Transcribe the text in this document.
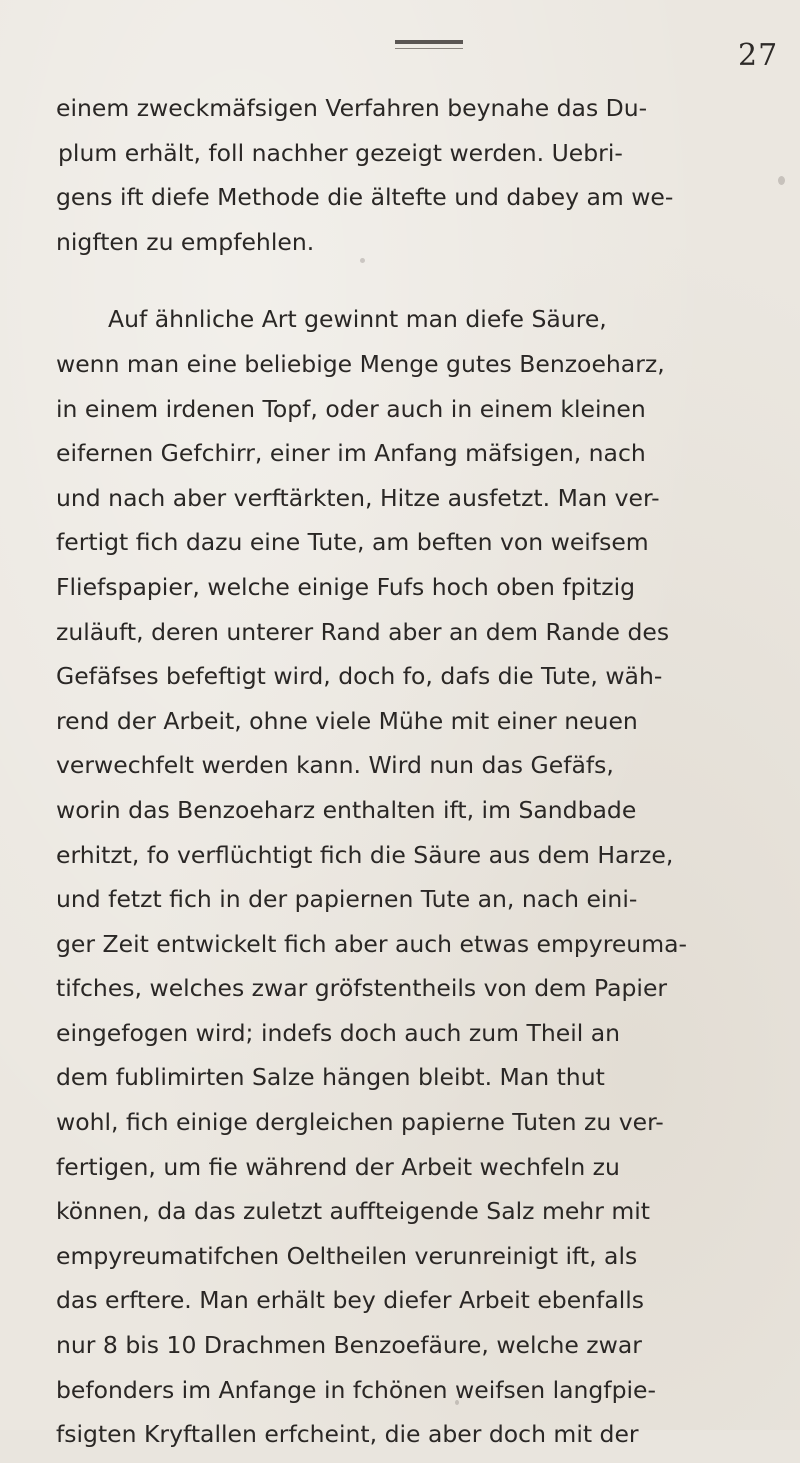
27
einem zweckmäfsigen Verfahren beynahe das Du-
plum erhält, foll nachher gezeigt werden. Uebri-
gens ift diefe Methode die ältefte und dabey am we-
nigften zu empfehlen.
Auf ähnliche Art gewinnt man diefe Säure,
wenn man eine beliebige Menge gutes Benzoeharz,
in einem irdenen Topf, oder auch in einem kleinen
eifernen Gefchirr, einer im Anfang mäfsigen, nach
und nach aber verftärkten, Hitze ausfetzt. Man ver-
fertigt fich dazu eine Tute, am beften von weifsem
Fliefspapier, welche einige Fufs hoch oben fpitzig
zuläuft, deren unterer Rand aber an dem Rande des
Gefäfses befeftigt wird, doch fo, dafs die Tute, wäh-
rend der Arbeit, ohne viele Mühe mit einer neuen
verwechfelt werden kann. Wird nun das Gefäfs,
worin das Benzoeharz enthalten ift, im Sandbade
erhitzt, fo verflüchtigt fich die Säure aus dem Harze,
und fetzt fich in der papiernen Tute an, nach eini-
ger Zeit entwickelt fich aber auch etwas empyreuma-
tifches, welches zwar gröfstentheils von dem Papier
eingefogen wird; indefs doch auch zum Theil an
dem fublimirten Salze hängen bleibt. Man thut
wohl, fich einige dergleichen papierne Tuten zu ver-
fertigen, um fie während der Arbeit wechfeln zu
können, da das zuletzt auffteigende Salz mehr mit
empyreumatifchen Oeltheilen verunreinigt ift, als
das erftere. Man erhält bey diefer Arbeit ebenfalls
nur 8 bis 10 Drachmen Benzoefäure, welche zwar
befonders im Anfange in fchönen weifsen langfpie-
fsigten Kryftallen erfcheint, die aber doch mit der
